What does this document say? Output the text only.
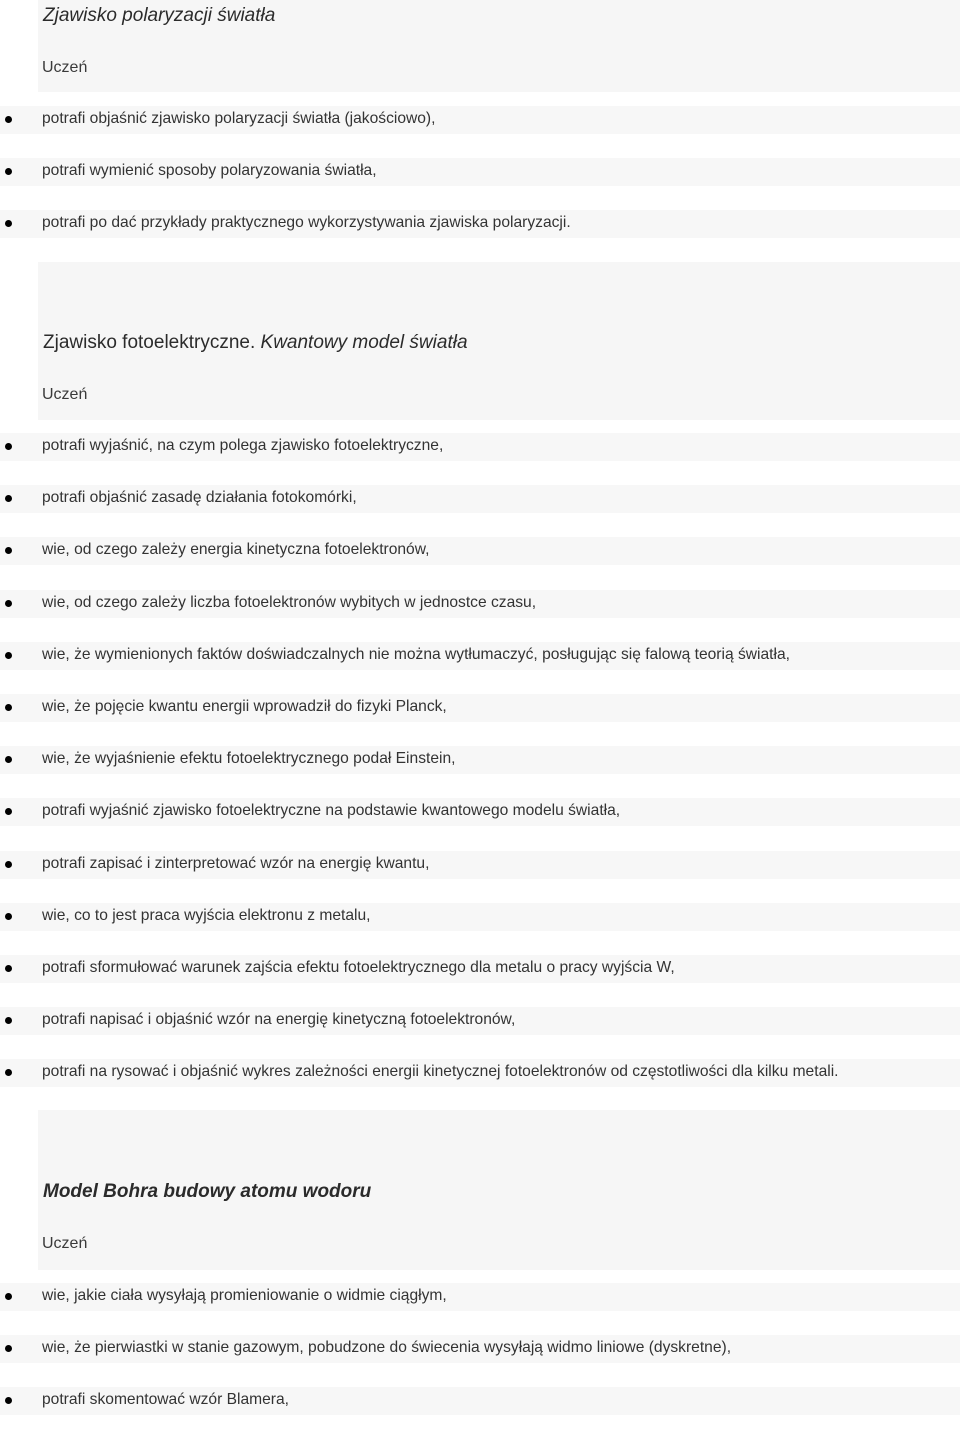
Zjawisko polaryzacji światła
Uczeń
potrafi objaśnić zjawisko polaryzacji światła (jakościowo),
potrafi wymienić sposoby polaryzowania światła,
potrafi po dać przykłady praktycznego wykorzystywania zjawiska polaryzacji.
Zjawisko fotoelektryczne. Kwantowy model światła
Uczeń
potrafi wyjaśnić, na czym polega zjawisko fotoelektryczne,
potrafi objaśnić zasadę działania fotokomórki,
wie, od czego zależy energia kinetyczna fotoelektronów,
wie, od czego zależy liczba fotoelektronów wybitych w jednostce czasu,
wie, że wymienionych faktów doświadczalnych nie można wytłumaczyć, posługując się falową teorią światła,
wie, że pojęcie kwantu energii wprowadził do fizyki Planck,
wie, że wyjaśnienie efektu fotoelektrycznego podał Einstein,
potrafi wyjaśnić zjawisko fotoelektryczne na podstawie kwantowego modelu światła,
potrafi zapisać i zinterpretować wzór na energię kwantu,
wie, co to jest praca wyjścia elektronu z metalu,
potrafi sformułować warunek zajścia efektu fotoelektrycznego dla metalu o pracy wyjścia W,
potrafi napisać i objaśnić wzór na energię kinetyczną fotoelektronów,
potrafi na rysować i objaśnić wykres zależności energii kinetycznej fotoelektronów od częstotliwości dla kilku metali.
Model Bohra budowy atomu wodoru
Uczeń
wie, jakie ciała wysyłają promieniowanie o widmie ciągłym,
wie, że pierwiastki w stanie gazowym, pobudzone do świecenia wysyłają widmo liniowe (dyskretne),
potrafi skomentować wzór Blamera,
